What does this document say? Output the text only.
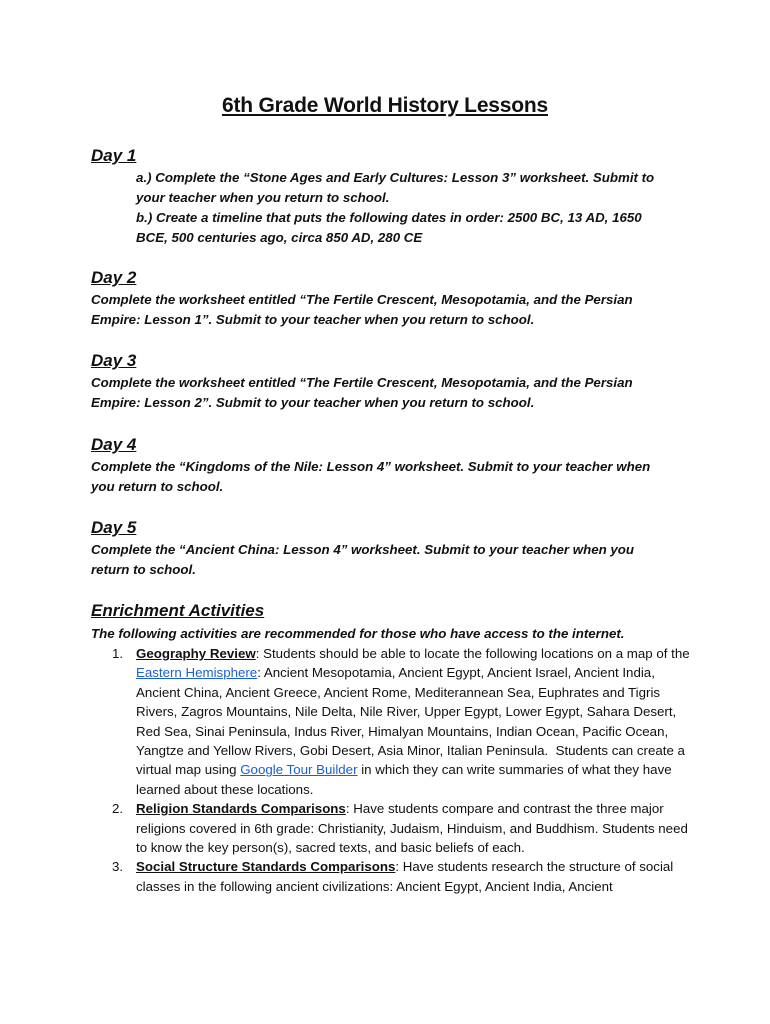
6th Grade World History Lessons
Day 1

a.) Complete the “Stone Ages and Early Cultures: Lesson 3” worksheet. Submit to

your teacher when you return to school.

b.) Create a timeline that puts the following dates in order: 2500 BC, 13 AD, 1650

BCE, 500 centuries ago, circa 850 AD, 280 CE

Day 2

Complete the worksheet entitled “The Fertile Crescent, Mesopotamia, and the Persian

Empire: Lesson 1”. Submit to your teacher when you return to school.

Day 3

Complete the worksheet entitled “The Fertile Crescent, Mesopotamia, and the Persian

Empire: Lesson 2”. Submit to your teacher when you return to school.

Day 4

Complete the “Kingdoms of the Nile: Lesson 4” worksheet. Submit to your teacher when

you return to school.

Day 5

Complete the “Ancient China: Lesson 4” worksheet. Submit to your teacher when you

return to school.

Enrichment Activities

The following activities are recommended for those who have access to the internet.

1. Geography Review: Students should be able to locate the following locations on a map of the Eastern Hemisphere: Ancient Mesopotamia, Ancient Egypt, Ancient Israel, Ancient India, Ancient China, Ancient Greece, Ancient Rome, Mediterannean Sea, Euphrates and Tigris Rivers, Zagros Mountains, Nile Delta, Nile River, Upper Egypt, Lower Egypt, Sahara Desert, Red Sea, Sinai Peninsula, Indus River, Himalyan Mountains, Indian Ocean, Pacific Ocean, Yangtze and Yellow Rivers, Gobi Desert, Asia Minor, Italian Peninsula.  Students can create a virtual map using Google Tour Builder in which they can write summaries of what they have learned about these locations.
2. Religion Standards Comparisons: Have students compare and contrast the three major religions covered in 6th grade: Christianity, Judaism, Hinduism, and Buddhism. Students need to know the key person(s), sacred texts, and basic beliefs of each.
3. Social Structure Standards Comparisons: Have students research the structure of social classes in the following ancient civilizations: Ancient Egypt, Ancient India, Ancient
